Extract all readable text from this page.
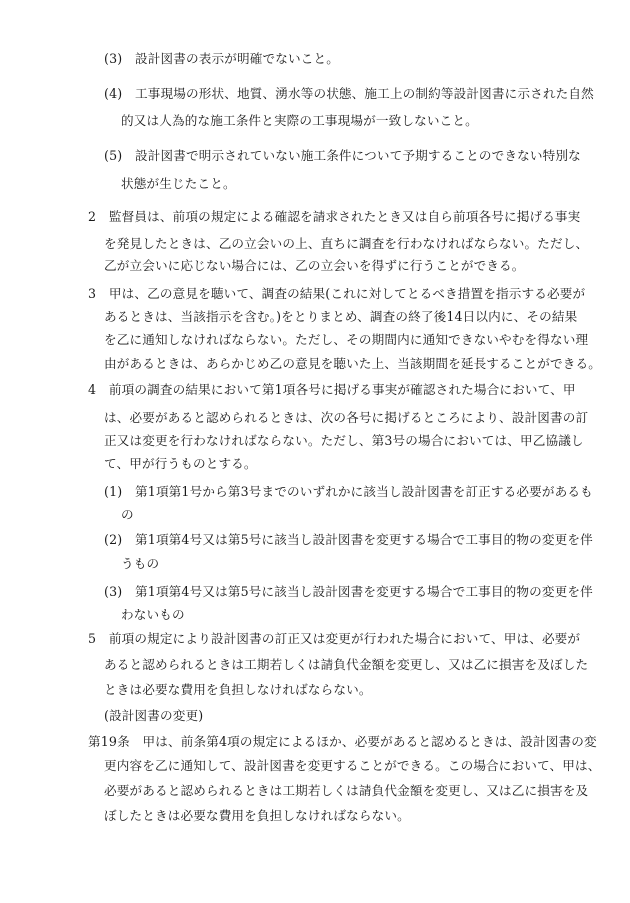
(3)　設計図書の表示が明確でないこと。
(4)　工事現場の形状、地質、湧水等の状態、施工上の制約等設計図書に示された自然
的又は人為的な施工条件と実際の工事現場が一致しないこと。
(5)　設計図書で明示されていない施工条件について予期することのできない特別な
状態が生じたこと。
2　監督員は、前項の規定による確認を請求されたとき又は自ら前項各号に掲げる事実
を発見したときは、乙の立会いの上、直ちに調査を行わなければならない。ただし、
乙が立会いに応じない場合には、乙の立会いを得ずに行うことができる。
3　甲は、乙の意見を聴いて、調査の結果(これに対してとるべき措置を指示する必要が
あるときは、当該指示を含む。)をとりまとめ、調査の終了後14日以内に、その結果
を乙に通知しなければならない。ただし、その期間内に通知できないやむを得ない理
由があるときは、あらかじめ乙の意見を聴いた上、当該期間を延長することができる。
4　前項の調査の結果において第1項各号に掲げる事実が確認された場合において、甲
は、必要があると認められるときは、次の各号に掲げるところにより、設計図書の訂
正又は変更を行わなければならない。ただし、第3号の場合においては、甲乙協議し
て、甲が行うものとする。
(1)　第1項第1号から第3号までのいずれかに該当し設計図書を訂正する必要があるも
の
(2)　第1項第4号又は第5号に該当し設計図書を変更する場合で工事目的物の変更を伴
うもの
(3)　第1項第4号又は第5号に該当し設計図書を変更する場合で工事目的物の変更を伴
わないもの
5　前項の規定により設計図書の訂正又は変更が行われた場合において、甲は、必要が
あると認められるときは工期若しくは請負代金額を変更し、又は乙に損害を及ぼした
ときは必要な費用を負担しなければならない。
(設計図書の変更)
第19条　甲は、前条第4項の規定によるほか、必要があると認めるときは、設計図書の変
更内容を乙に通知して、設計図書を変更することができる。この場合において、甲は、
必要があると認められるときは工期若しくは請負代金額を変更し、又は乙に損害を及
ぼしたときは必要な費用を負担しなければならない。
